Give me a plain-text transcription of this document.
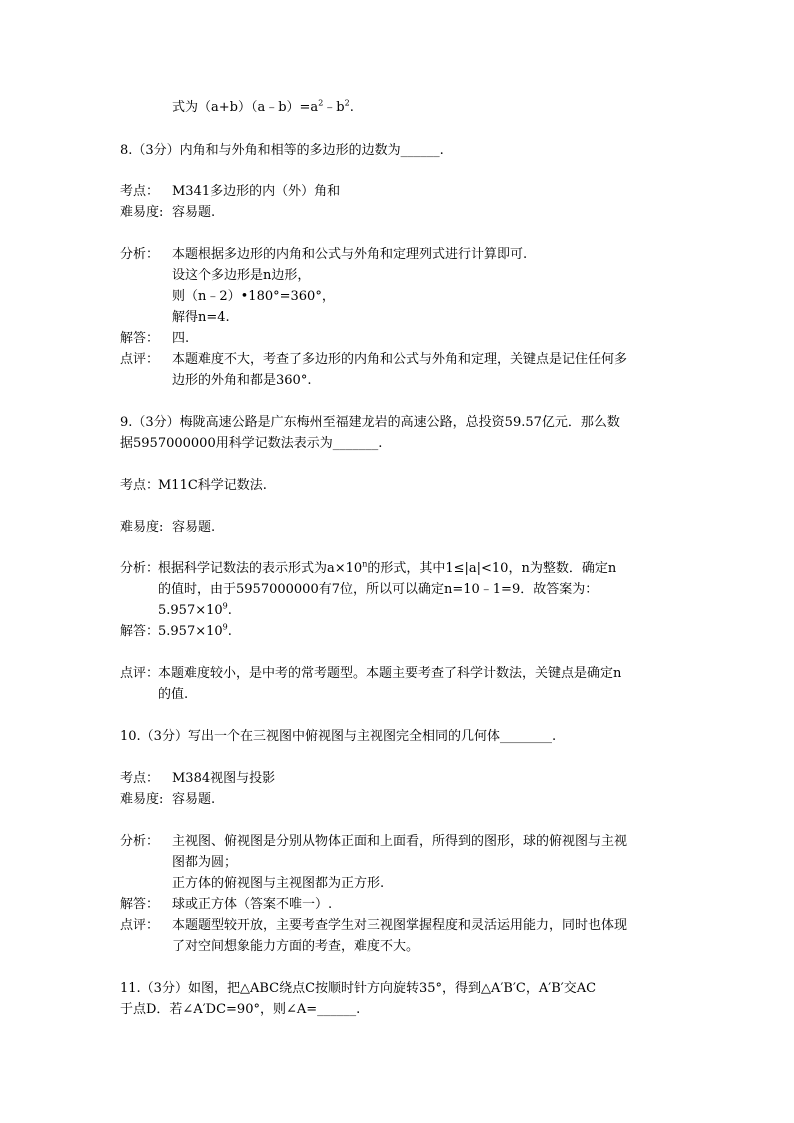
式为$(a+b)(a﹣b)=a^2﹣b^2$.
8.（3分）内角和与外角和相等的多边形的边数为______.
考点： M341多边形的内（外）角和
难易度: 容易题.
分析： 本题根据多边形的内角和公式与外角和定理列式进行计算即可.
设这个多边形是n边形，
则（n﹣2）•180°=360°，
解得n=4.
解答： 四.
点评： 本题难度不大，考查了多边形的内角和公式与外角和定理，关键点是记住任何多
边形的外角和都是360°.
9.（3分）梅陇高速公路是广东梅州至福建龙岩的高速公路，总投资59.57亿元．那么数
据5957000000用科学记数法表示为_______.
考点：
M11C科学记数法.
难易度: 容易题.
分析：
根据科学记数法的表示形式为$a\times 10^n$的形式，其中1≤|a|<10，n为整数．确定n
的值时，由于5957000000有7位，所以可以确定n=10﹣1=9．故答案为：
$5.957\times 10^9$.
解答：
$5.957\times 10^9$.
点评：
本题难度较小，是中考的常考题型。本题主要考查了科学计数法，关键点是确定n
的值.
10.（3分）写出一个在三视图中俯视图与主视图完全相同的几何体________.
考点： M384视图与投影
难易度: 容易题.
分析： 主视图、俯视图是分别从物体正面和上面看，所得到的图形，球的俯视图与主视
图都为圆；
正方体的俯视图与主视图都为正方形.
解答： 球或正方体（答案不唯一）.
点评： 本题题型较开放，主要考查学生对三视图掌握程度和灵活运用能力，同时也体现
了对空间想象能力方面的考查，难度不大。
11.（3分）如图，把△ABC绕点C按顺时针方向旋转35°，得到△A′B′C，A′B′交AC
于点D．若∠A′DC=90°，则∠A=______.
